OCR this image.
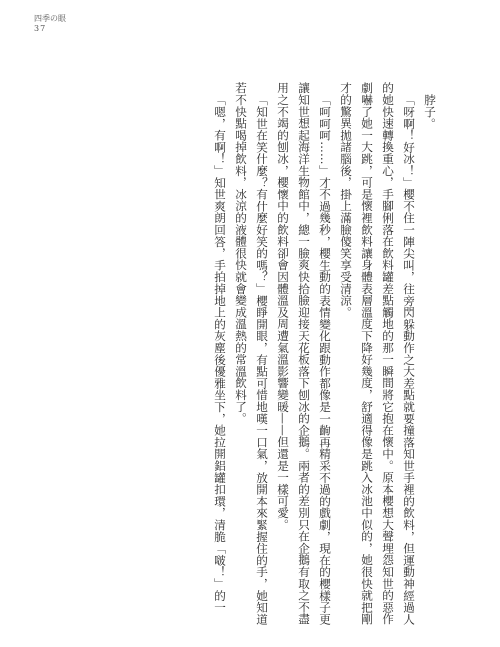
四季の眼
37

脖子。

「呀啊！好冰！」櫻不住一陣尖叫，往旁閃躲動作之大差點就要撞落知世手裡的飲料，但運動神經過人的她快速轉換重心，手腳俐落在飲料罐差點觸地的那一瞬間將它抱在懷中。原本櫻想大聲埋怨知世的惡作劇嚇了她一大跳，可是懷裡飲料讓身體表層溫度下降好幾度，舒適得像是跳入冰池中似的，她很快就把剛才的驚異拋諸腦後，掛上滿臉傻笑享受清涼。

「呵呵呵……」才不過幾秒，櫻生動的表情變化跟動作都像是一齣再精采不過的戲劇，現在的櫻樣子更讓知世想起海洋生物館中，總一臉爽快拾臉迎接天花板落下刨冰的企鵝。兩者的差別只在企鵝有取之不盡用之不竭的刨冰，櫻懷中的飲料卻會因體溫及周遭氣溫影響變暖——但還是一樣可愛。

「知世在笑什麼？有什麼好笑的嗎？」櫻睜開眼，有點可惜地嘆一口氣，放開本來緊握住的手，她知道若不快點喝掉飲料，冰涼的液體很快就會變成溫熱的常溫飲料了。

「嗯，有啊！」知世爽朗回答，手拍掉地上的灰塵後優雅坐下，她拉開鋁罐扣環，清脆「啵！」的一
